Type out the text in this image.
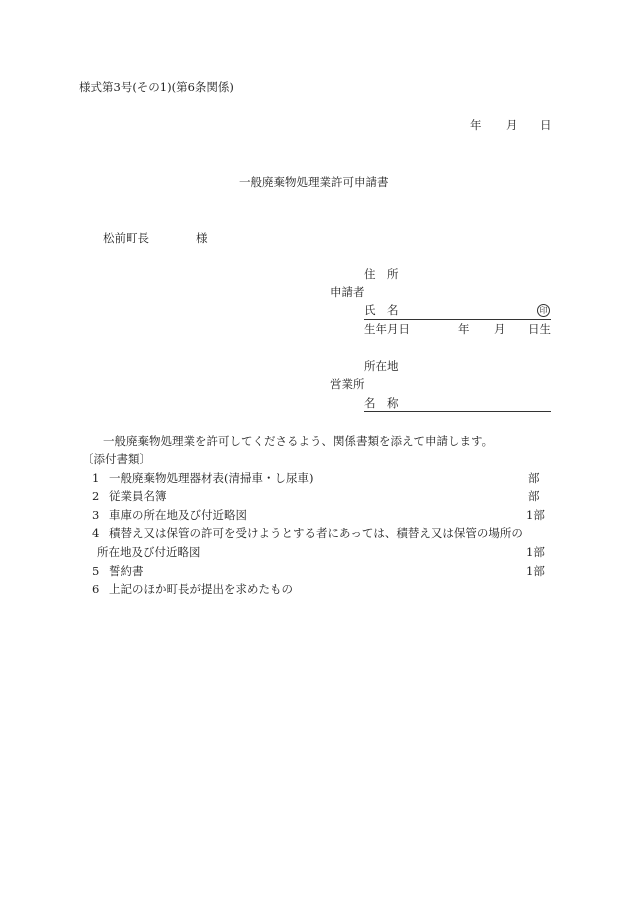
様式第3号(その1)(第6条関係)
年 月 日
一般廃棄物処理業許可申請書
松前町長	様
住　所
申請者
氏　名	印
生年月日	年 月 日生
所在地
営業所
名　称
一般廃棄物処理業を許可してくださるよう、関係書類を添えて申請します。
〔添付書類〕
1 一般廃棄物処理器材表(清掃車・し尿車)	部
2 従業員名簿	部
3 車庫の所在地及び付近略図	1部
4 積替え又は保管の許可を受けようとする者にあっては、積替え又は保管の場所の
所在地及び付近略図	1部
5 誓約書	1部
6 上記のほか町長が提出を求めたもの
